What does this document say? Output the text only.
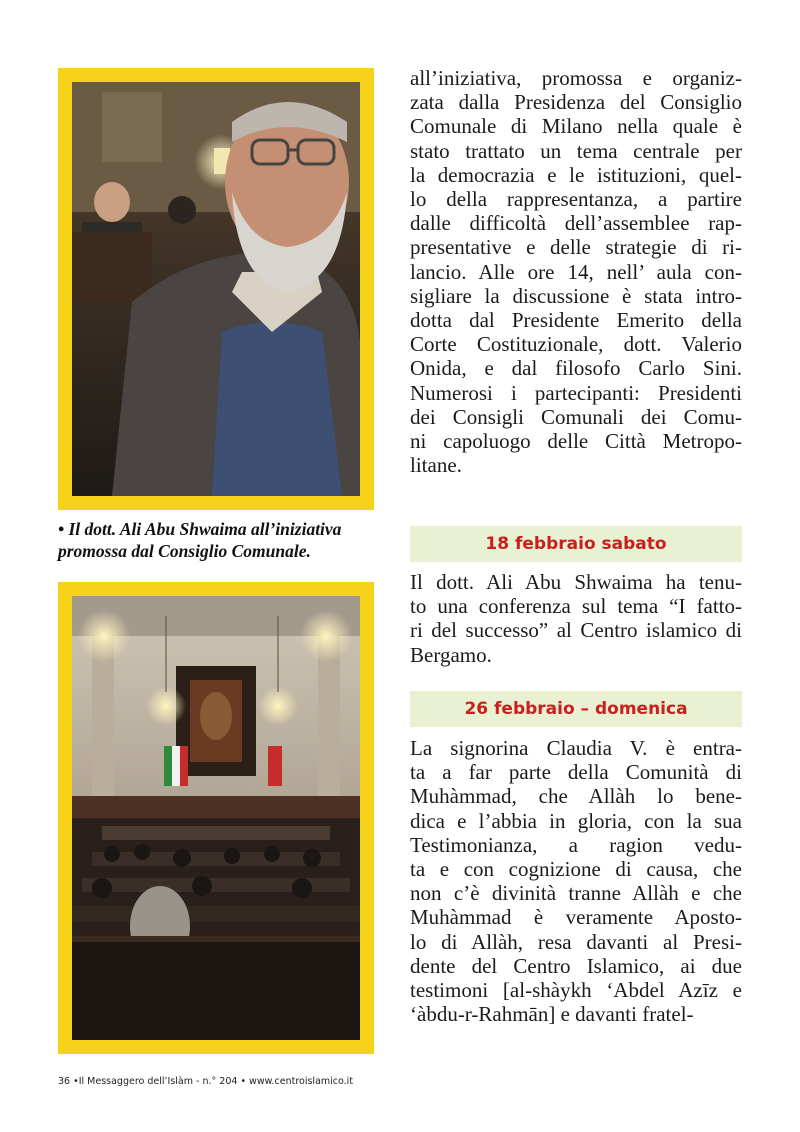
• Il dott. Ali Abu Shwaima all’iniziativa promossa dal Consiglio Comunale.
all’iniziativa, promossa e organiz-
zata dalla Presidenza del Consiglio
Comunale di Milano nella quale è
stato trattato un tema centrale per
la democrazia e le istituzioni, quel-
lo della rappresentanza, a partire
dalle difficoltà dell’assemblee rap-
presentative e delle strategie di ri-
lancio. Alle ore 14, nell’ aula con-
sigliare la discussione è stata intro-
dotta dal Presidente Emerito della
Corte Costituzionale, dott. Valerio
Onida, e dal filosofo Carlo Sini.
Numerosi i partecipanti: Presidenti
dei Consigli Comunali dei Comu-
ni capoluogo delle Città Metropo-
litane.
18 febbraio sabato
Il dott. Ali Abu Shwaima ha tenu-
to una conferenza sul tema “I fatto-
ri del successo” al Centro islamico di
Bergamo.
26 febbraio – domenica
La signorina Claudia V. è entra-
ta a far parte della Comunità di
Muhàmmad, che Allàh lo bene-
dica e l’abbia in gloria, con la sua
Testimonianza, a ragion vedu-
ta e con cognizione di causa, che
non c’è divinità tranne Allàh e che
Muhàmmad è veramente Aposto-
lo di Allàh, resa davanti al Presi-
dente del Centro Islamico, ai due
testimoni [al-shàykh ‘Abdel Azīz e
‘àbdu-r-Rahmān] e davanti fratel-
36 •Il Messaggero dell’Islàm - n.° 204 • www.centroislamico.it
